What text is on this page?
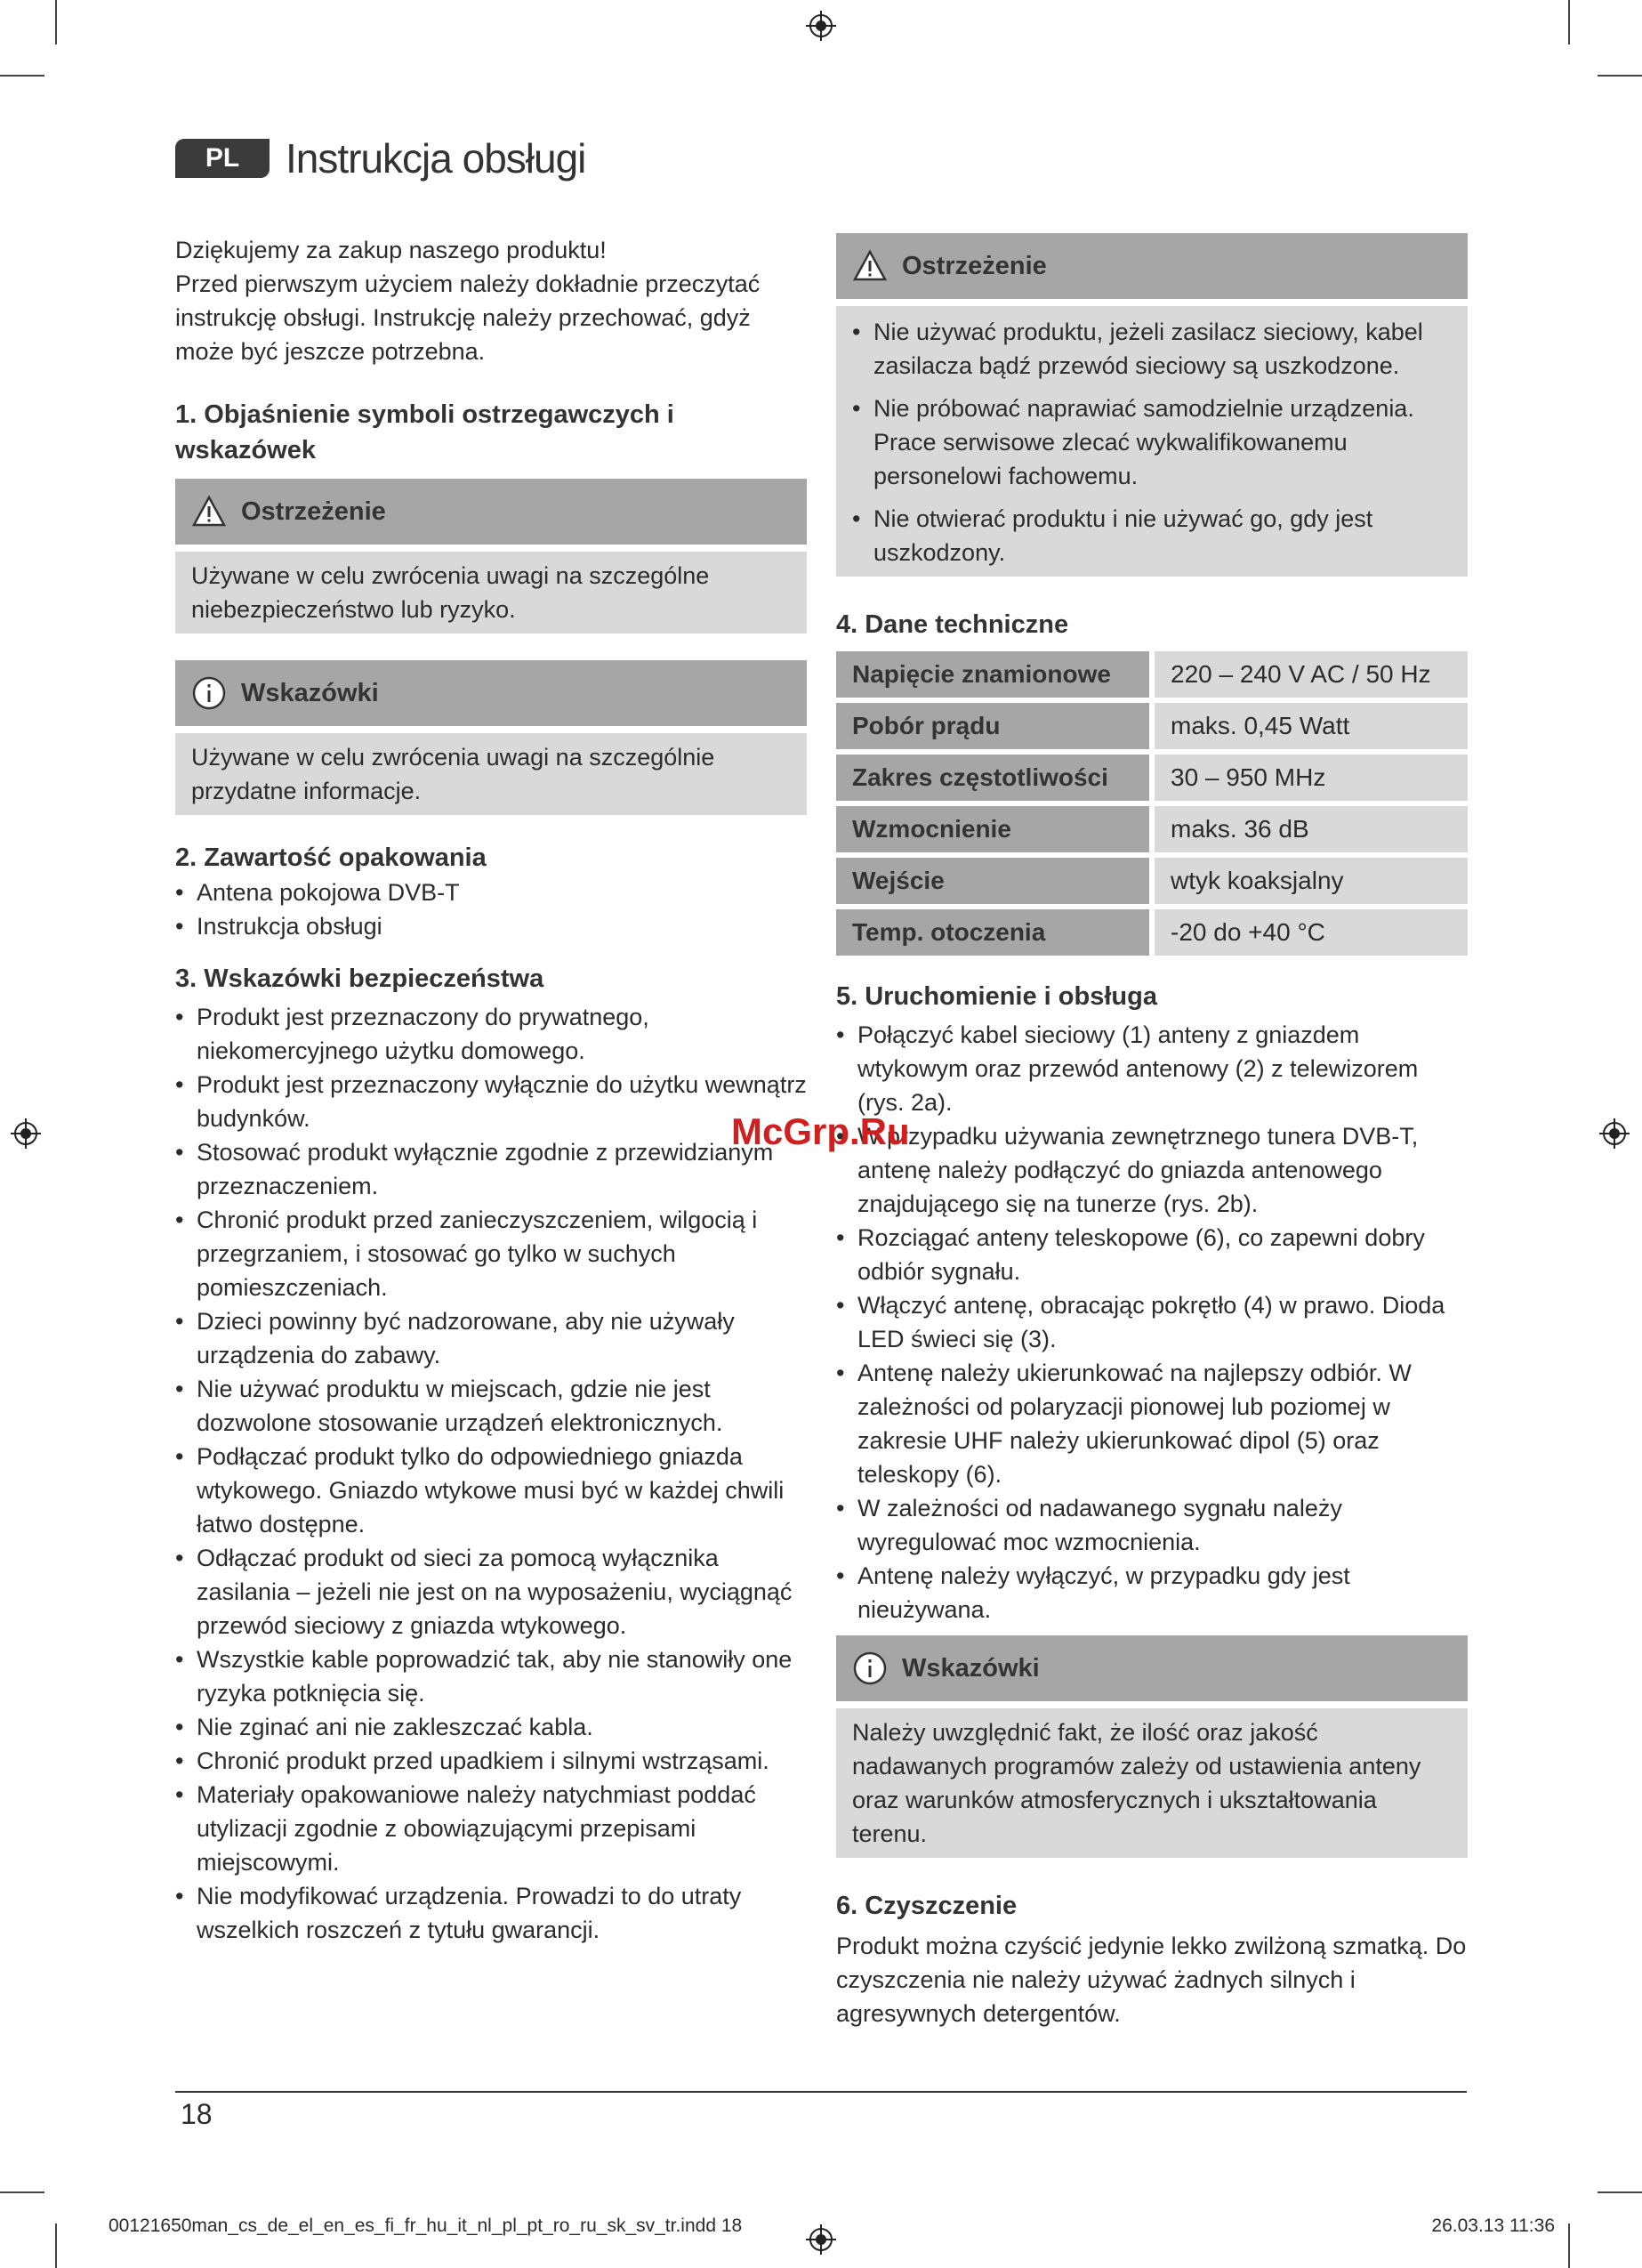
PL	Instrukcja obsługi

Dziękujemy za zakup naszego produktu!

Przed pierwszym użyciem należy dokładnie przeczytać instrukcję obsługi. Instrukcję należy przechować, gdyż może być jeszcze potrzebna.

1. Objaśnienie symboli ostrzegawczych i wskazówek
Ostrzeżenie

Używane w celu zwrócenia uwagi na szczególne niebezpieczeństwo lub ryzyko.

Wskazówki

Używane w celu zwrócenia uwagi na szczególnie przydatne informacje.

2. Zawartość opakowania
• Antena pokojowa DVB-T
• Instrukcja obsługi
3. Wskazówki bezpieczeństwa
• Produkt jest przeznaczony do prywatnego, niekomercyjnego użytku domowego.
• Produkt jest przeznaczony wyłącznie do użytku wewnątrz budynków.
• Stosować produkt wyłącznie zgodnie z przewidzianym przeznaczeniem.
• Chronić produkt przed zanieczyszczeniem, wilgocią i przegrzaniem, i stosować go tylko w suchych pomieszczeniach.
• Dzieci powinny być nadzorowane, aby nie używały urządzenia do zabawy.
• Nie używać produktu w miejscach, gdzie nie jest dozwolone stosowanie urządzeń elektronicznych.
• Podłączać produkt tylko do odpowiedniego gniazda wtykowego. Gniazdo wtykowe musi być w każdej chwili łatwo dostępne.
• Odłączać produkt od sieci za pomocą wyłącznika zasilania – jeżeli nie jest on na wyposażeniu, wyciągnąć przewód sieciowy z gniazda wtykowego.
• Wszystkie kable poprowadzić tak, aby nie stanowiły one ryzyka potknięcia się.
• Nie zginać ani nie zakleszczać kabla.
• Chronić produkt przed upadkiem i silnymi wstrząsami.
• Materiały opakowaniowe należy natychmiast poddać utylizacji zgodnie z obowiązującymi przepisami miejscowymi.
• Nie modyfikować urządzenia. Prowadzi to do utraty wszelkich roszczeń z tytułu gwarancji.
Ostrzeżenie
• Nie używać produktu, jeżeli zasilacz sieciowy, kabel zasilacza bądź przewód sieciowy są uszkodzone.
• Nie próbować naprawiać samodzielnie urządzenia. Prace serwisowe zlecać wykwalifikowanemu personelowi fachowemu.
• Nie otwierać produktu i nie używać go, gdy jest uszkodzony.
4. Dane techniczne
Napięcie znamionowe	220 – 240 V AC / 50 Hz
Pobór prądu	maks. 0,45 Watt
Zakres częstotliwości	30 – 950 MHz
Wzmocnienie	maks. 36 dB
Wejście	wtyk koaksjalny
Temp. otoczenia	-20 do +40 °C
5. Uruchomienie i obsługa
• Połączyć kabel sieciowy (1) anteny z gniazdem wtykowym oraz przewód antenowy (2) z telewizorem (rys. 2a).
• W przypadku używania zewnętrznego tunera DVB-T, antenę należy podłączyć do gniazda antenowego znajdującego się na tunerze (rys. 2b).
• Rozciągać anteny teleskopowe (6), co zapewni dobry odbiór sygnału.
• Włączyć antenę, obracając pokrętło (4) w prawo. Dioda LED świeci się (3).
• Antenę należy ukierunkować na najlepszy odbiór. W zależności od polaryzacji pionowej lub poziomej w zakresie UHF należy ukierunkować dipol (5) oraz teleskopy (6).
• W zależności od nadawanego sygnału należy wyregulować moc wzmocnienia.
• Antenę należy wyłączyć, w przypadku gdy jest nieużywana.
Wskazówki

Należy uwzględnić fakt, że ilość oraz jakość nadawanych programów zależy od ustawienia anteny oraz warunków atmosferycznych i ukształtowania terenu.

6. Czyszczenie

Produkt można czyścić jedynie lekko zwilżoną szmatką. Do czyszczenia nie należy używać żadnych silnych i agresywnych detergentów.

McGrp.Ru
18
00121650man_cs_de_el_en_es_fi_fr_hu_it_nl_pl_pt_ro_ru_sk_sv_tr.indd 18	26.03.13 11:36
